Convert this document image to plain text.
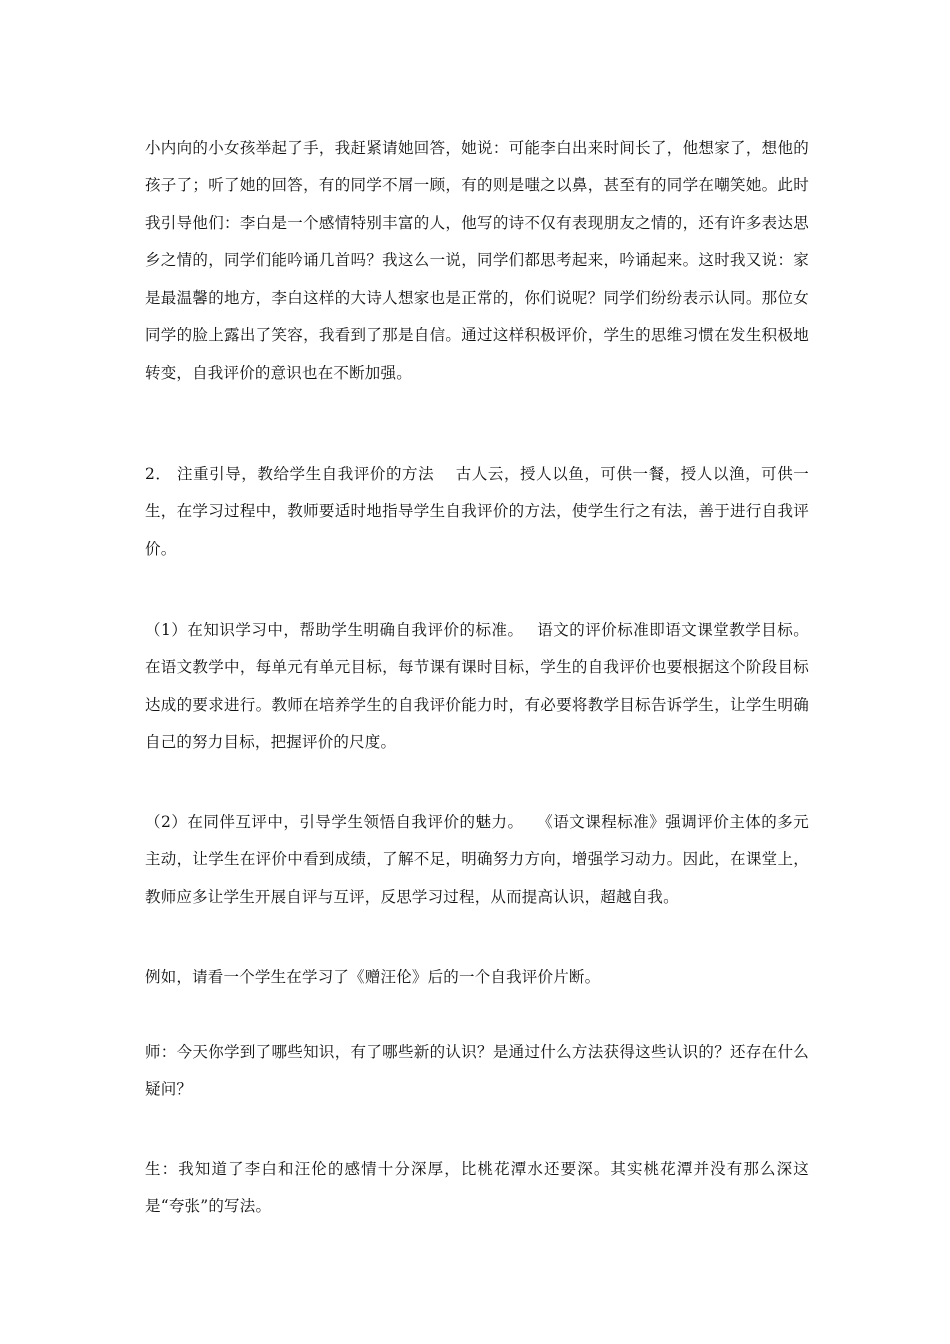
小内向的小女孩举起了手，我赶紧请她回答，她说：可能李白出来时间长了，他想家了，想他的孩子了；听了她的回答，有的同学不屑一顾，有的则是嗤之以鼻，甚至有的同学在嘲笑她。此时我引导他们：李白是一个感情特别丰富的人，他写的诗不仅有表现朋友之情的，还有许多表达思乡之情的，同学们能吟诵几首吗？我这么一说，同学们都思考起来，吟诵起来。这时我又说：家是最温馨的地方，李白这样的大诗人想家也是正常的，你们说呢？同学们纷纷表示认同。那位女同学的脸上露出了笑容，我看到了那是自信。通过这样积极评价，学生的思维习惯在发生积极地转变，自我评价的意识也在不断加强。

2． 注重引导，教给学生自我评价的方法　 古人云，授人以鱼，可供一餐，授人以渔，可供一生，在学习过程中，教师要适时地指导学生自我评价的方法，使学生行之有法，善于进行自我评价。

（1）在知识学习中，帮助学生明确自我评价的标准。　 语文的评价标准即语文课堂教学目标。在语文教学中，每单元有单元目标，每节课有课时目标，学生的自我评价也要根据这个阶段目标达成的要求进行。教师在培养学生的自我评价能力时，有必要将教学目标告诉学生，让学生明确自己的努力目标，把握评价的尺度。

（2）在同伴互评中，引导学生领悟自我评价的魅力。　 《语文课程标准》强调评价主体的多元主动，让学生在评价中看到成绩，了解不足，明确努力方向，增强学习动力。因此，在课堂上，教师应多让学生开展自评与互评，反思学习过程，从而提高认识，超越自我。

例如，请看一个学生在学习了《赠汪伦》后的一个自我评价片断。

师：今天你学到了哪些知识，有了哪些新的认识？是通过什么方法获得这些认识的？还存在什么疑问？

生：我知道了李白和汪伦的感情十分深厚，比桃花潭水还要深。其实桃花潭并没有那么深这是“夸张”的写法。
